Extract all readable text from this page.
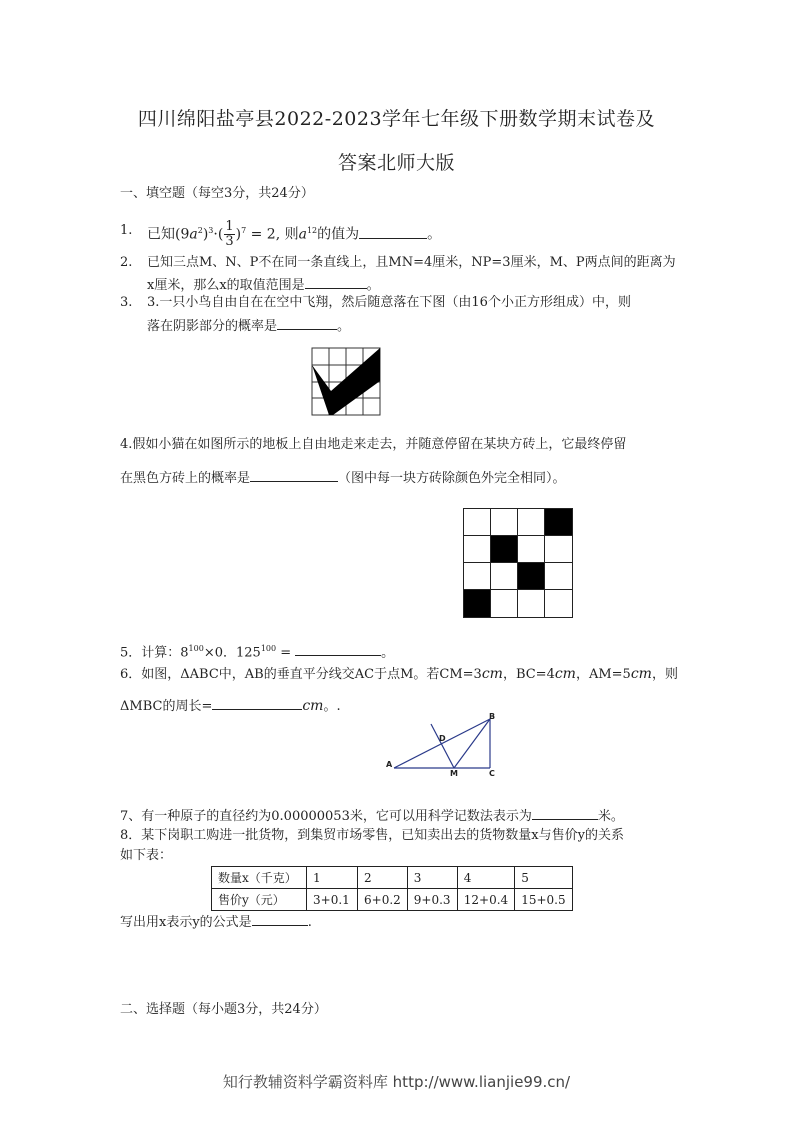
四川绵阳盐亭县2022-2023学年七年级下册数学期末试卷及
答案北师大版
一、填空题（每空3分，共24分）
1. 已知$(9a^2)^3\cdot( \frac{1}{3} )^7 = 2$, 则$a^{12}$的值为	。
2. 已知三点M、N、P不在同一条直线上，且MN=4厘米，NP=3厘米，M、P两点间的距离为
x厘米，那么x的取值范围是	。
3. 3.一只小鸟自由自在在空中飞翔，然后随意落在下图（由16个小正方形组成）中，则
落在阴影部分的概率是	。
4.假如小猫在如图所示的地板上自由地走来走去，并随意停留在某块方砖上，它最终停留
在黑色方砖上的概率是	（图中每一块方砖除颜色外完全相同）。
5．计算：$8^{100}\times 0$．$125^{100}$ =	。
6．如图，ΔABC中，AB的垂直平分线交AC于点M。若CM=3cm，BC=4cm，AM=5cm，则
ΔMBC的周长=	cm。.
A
B
C
D
M
7、有一种原子的直径约为0.00000053米，它可以用科学记数法表示为	米。
8．某下岗职工购进一批货物，到集贸市场零售，已知卖出去的货物数量x与售价y的关系
如下表：
数量x（千克）	1	2	3	4	5
售价y（元）	3+0.1	6+0.2	9+0.3	12+0.4	15+0.5
写出用x表示y的公式是	.
二、选择题（每小题3分，共24分）
知行教辅资料学霸资料库 http://www.lianjie99.cn/
